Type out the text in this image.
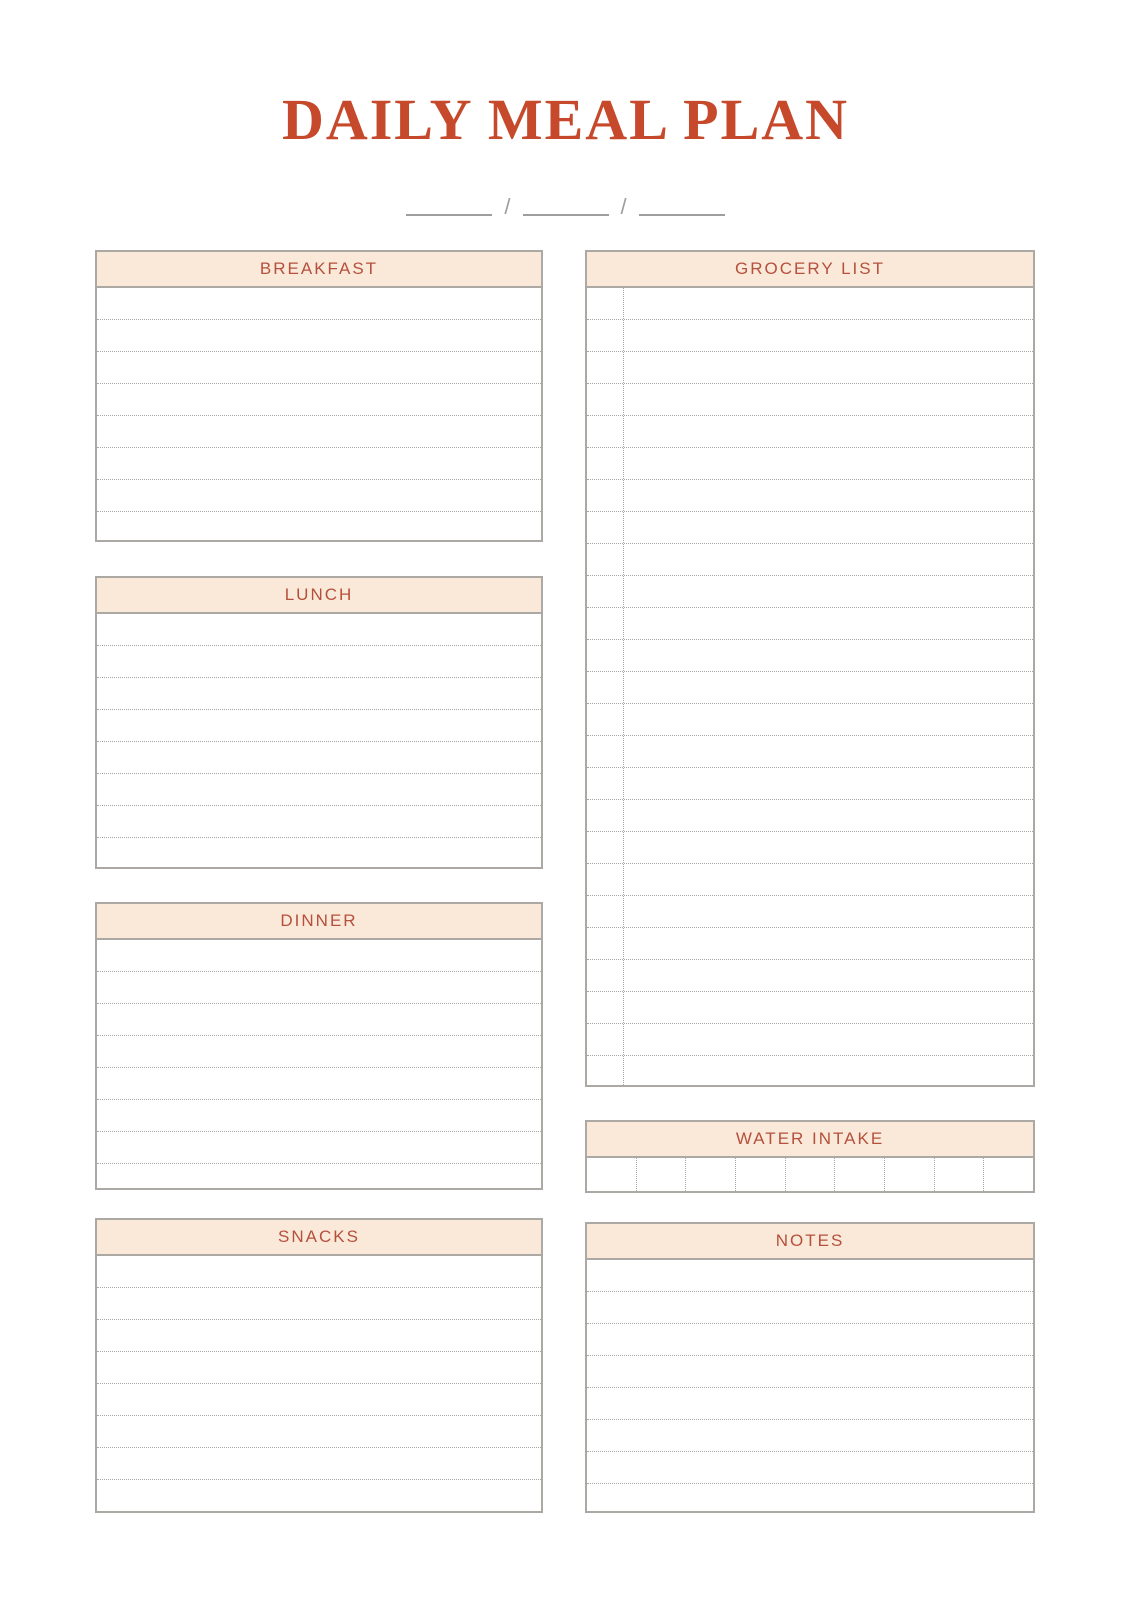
DAILY MEAL PLAN
/	/
BREAKFAST
LUNCH
DINNER
SNACKS
GROCERY LIST
WATER INTAKE
NOTES
